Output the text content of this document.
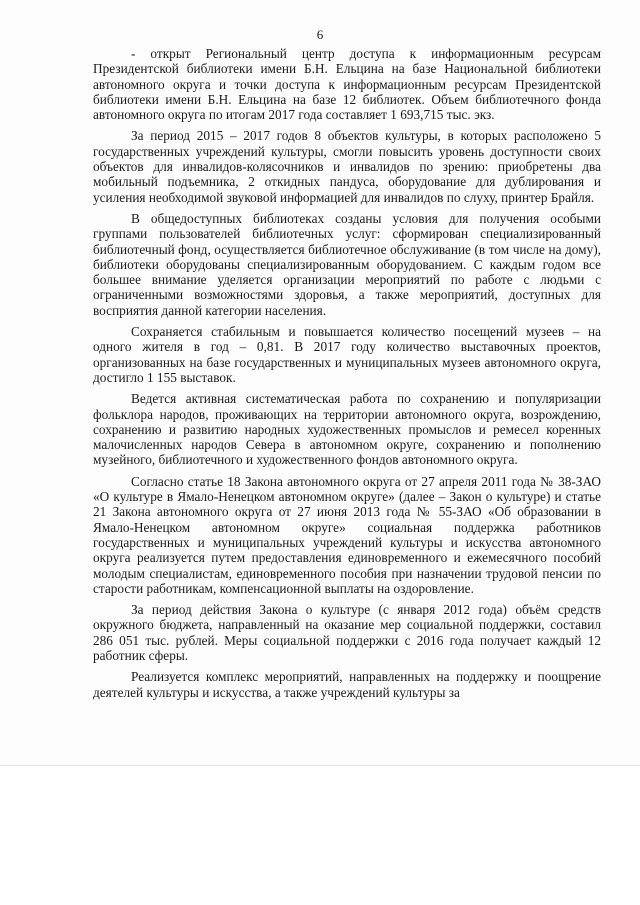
6

- открыт Региональный центр доступа к информационным ресурсам Президентской библиотеки имени Б.Н. Ельцина на базе Национальной библиотеки автономного округа и точки доступа к информационным ресурсам Президентской библиотеки имени Б.Н. Ельцина на базе 12 библиотек. Объем библиотечного фонда автономного округа по итогам 2017 года составляет 1 693,715 тыс. экз.

За период 2015 – 2017 годов 8 объектов культуры, в которых расположено 5 государственных учреждений культуры, смогли повысить уровень доступности своих объектов для инвалидов-колясочников и инвалидов по зрению: приобретены два мобильный подъемника, 2 откидных пандуса, оборудование для дублирования и усиления необходимой звуковой информацией для инвалидов по слуху, принтер Брайля.

В общедоступных библиотеках созданы условия для получения особыми группами пользователей библиотечных услуг: сформирован специализированный библиотечный фонд, осуществляется библиотечное обслуживание (в том числе на дому), библиотеки оборудованы специализированным оборудованием. С каждым годом все большее внимание уделяется организации мероприятий по работе с людьми с ограниченными возможностями здоровья, а также мероприятий, доступных для восприятия данной категории населения.

Сохраняется стабильным и повышается количество посещений музеев – на одного жителя в год – 0,81. В 2017 году количество выставочных проектов, организованных на базе государственных и муниципальных музеев автономного округа, достигло 1 155 выставок.

Ведется активная систематическая работа по сохранению и популяризации фольклора народов, проживающих на территории автономного округа, возрождению, сохранению и развитию народных художественных промыслов и ремесел коренных малочисленных народов Севера в автономном округе, сохранению и пополнению музейного, библиотечного и художественного фондов автономного округа.

Согласно статье 18 Закона автономного округа от 27 апреля 2011 года № 38-ЗАО «О культуре в Ямало-Ненецком автономном округе» (далее – Закон о культуре) и статье 21 Закона автономного округа от 27 июня 2013 года № 55-ЗАО «Об образовании в Ямало-Ненецком автономном округе» социальная поддержка работников государственных и муниципальных учреждений культуры и искусства автономного округа реализуется путем предоставления единовременного и ежемесячного пособий молодым специалистам, единовременного пособия при назначении трудовой пенсии по старости работникам, компенсационной выплаты на оздоровление.

За период действия Закона о культуре (с января 2012 года) объём средств окружного бюджета, направленный на оказание мер социальной поддержки, составил 286 051 тыс. рублей. Меры социальной поддержки с 2016 года получает каждый 12 работник сферы.

Реализуется комплекс мероприятий, направленных на поддержку и поощрение деятелей культуры и искусства, а также учреждений культуры за
